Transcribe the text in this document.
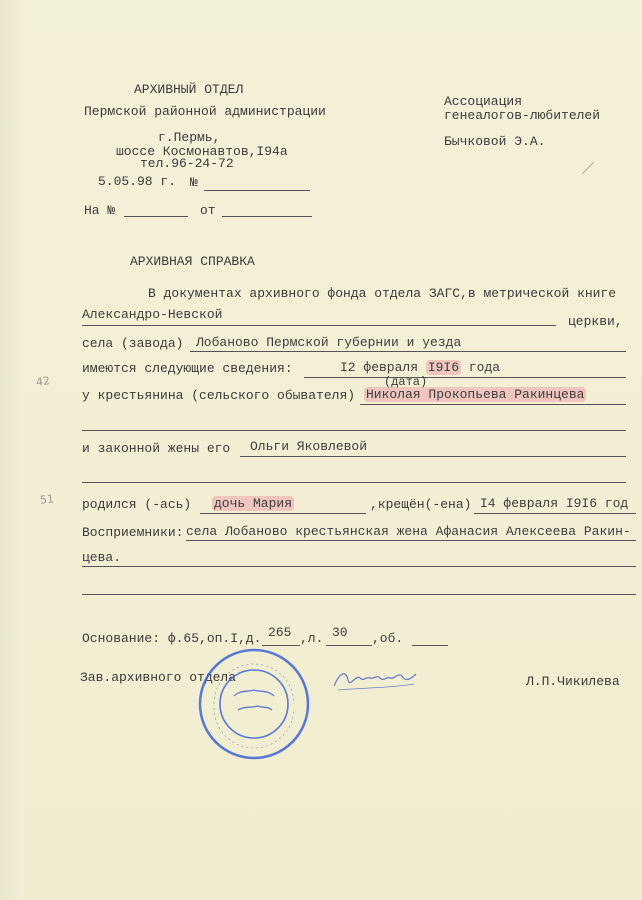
АРХИВНЫЙ ОТДЕЛ
Пермской районной администрации
г.Пермь,
шоссе Космонавтов,I94а
тел.96-24-72
5.05.98 г. №
На №	от
Ассоциация
генеалогов-любителей
Бычковой Э.А.
АРХИВНАЯ СПРАВКА
В документах архивного фонда отдела ЗАГС,в метрической книге
Александро-Невской	церкви,
села (завода) Лобаново Пермской губернии и уезда
имеются следующие сведения:	I2 февраля I9I6 года
(дата)
у крестьянина (сельского обывателя) Николая Прокопьева Ракинцева
и законной жены его Ольги Яковлевой
родился (-ась) дочь Мария	,крещён(-ена) I4 февраля I9I6 год
Восприемники: села Лобаново крестьянская жена Афанасия Алексеева Ракин-
цева.
Основание: ф.65,оп.I,д. 265 ,л. 30 ,об.
Зав.архивного отдела	Л.П.Чикилева
42
51
